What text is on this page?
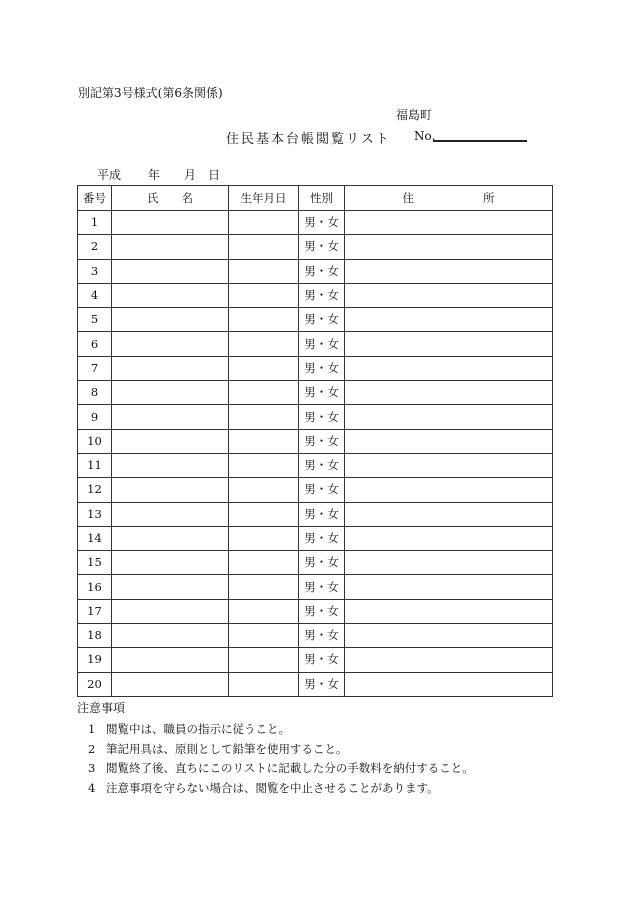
別記第3号様式(第6条関係)
福島町
住民基本台帳閲覧リスト No.
平成 年 月 日
番号	氏　　名	生年月日	性別	住　　　　　　所
1			男・女	
2			男・女	
3			男・女	
4			男・女	
5			男・女	
6			男・女	
7			男・女	
8			男・女	
9			男・女	
10			男・女	
11			男・女	
12			男・女	
13			男・女	
14			男・女	
15			男・女	
16			男・女	
17			男・女	
18			男・女	
19			男・女	
20			男・女	
注意事項
1 閲覧中は、職員の指示に従うこと。
2 筆記用具は、原則として鉛筆を使用すること。
3 閲覧終了後、直ちにこのリストに記載した分の手数料を納付すること。
4 注意事項を守らない場合は、閲覧を中止させることがあります。
